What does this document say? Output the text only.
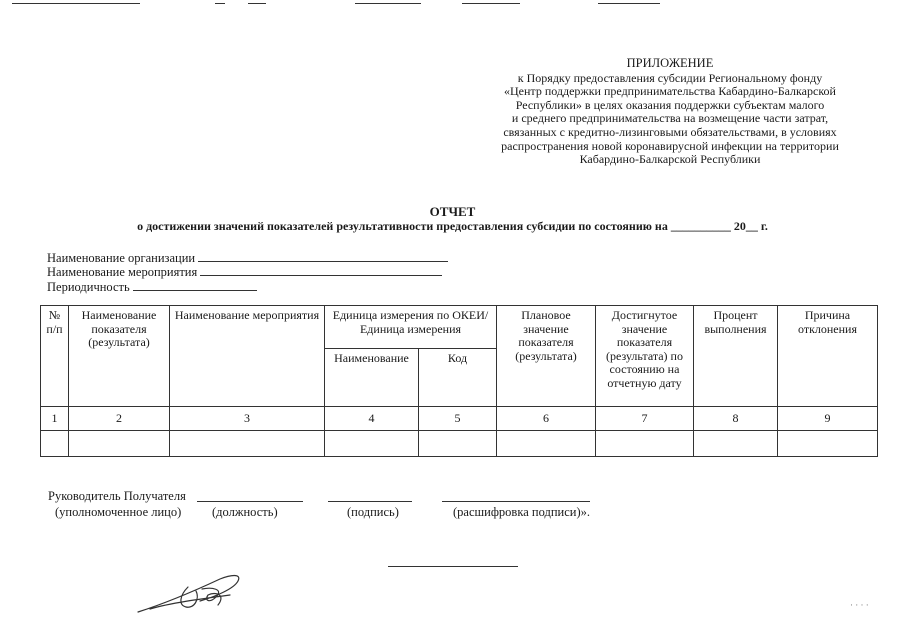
ПРИЛОЖЕНИЕ
к Порядку предоставления субсидии Региональному фонду
«Центр поддержки предпринимательства Кабардино-Балкарской
Республики» в целях оказания поддержки субъектам малого
и среднего предпринимательства на возмещение части затрат,
связанных с кредитно-лизинговыми обязательствами, в условиях
распространения новой коронавирусной инфекции на территории
Кабардино-Балкарской Республики
ОТЧЕТ
о достижении значений показателей результативности предоставления субсидии по состоянию на __________ 20__ г.
Наименование организации
Наименование мероприятия
Периодичность
№ п/п	Наименование показателя (результата)	Наименование мероприятия	Единица измерения по ОКЕИ/Единица измерения		Плановое значение показателя (результата)	Достигнутое значение показателя (результата) по состоянию на отчетную дату	Процент выполнения	Причина отклонения
			Наименование	Код				
1	2	3	4	5	6	7	8	9

Руководитель Получателя
(уполномоченное лицо) (должность)	(подпись)	(расшифровка подписи)».
· · · ·
